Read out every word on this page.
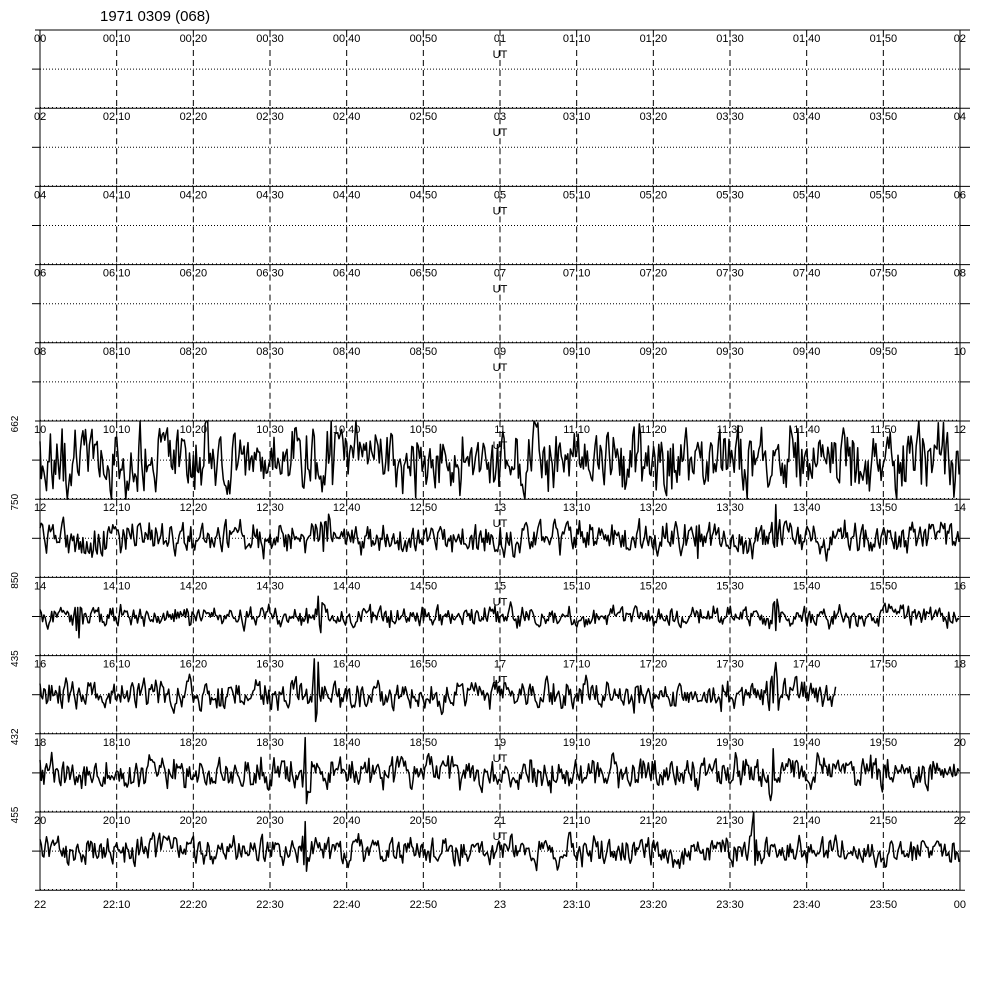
1971 0309 (068)
00	00:10	00:20	00:30	00:40	00:50	01	01:10	01:20	01:30	01:40	01:50	02
UT
02	02:10	02:20	02:30	02:40	02:50	03	03:10	03:20	03:30	03:40	03:50	04
UT
04	04:10	04:20	04:30	04:40	04:50	05	05:10	05:20	05:30	05:40	05:50	06
UT
06	06:10	06:20	06:30	06:40	06:50	07	07:10	07:20	07:30	07:40	07:50	08
UT
08	08:10	08:20	08:30	08:40	08:50	09	09:10	09:20	09:30	09:40	09:50	10
UT
10	10:10	10:20	10:30	10:40	10:50	11	11:10	11:20	11:30	11:40	11:50	12
UT
662
12	12:10	12:20	12:30	12:40	12:50	13	13:10	13:20	13:30	13:40	13:50	14
UT
750
14	14:10	14:20	14:30	14:40	14:50	15	15:10	15:20	15:30	15:40	15:50	16
UT
850
16	16:10	16:20	16:30	16:40	16:50	17	17:10	17:20	17:30	17:40	17:50	18
UT
435
18	18:10	18:20	18:30	18:40	18:50	19	19:10	19:20	19:30	19:40	19:50	20
UT
432
20	20:10	20:20	20:30	20:40	20:50	21	21:10	21:20	21:30	21:40	21:50	22
UT
455
22	22:10	22:20	22:30	22:40	22:50	23	23:10	23:20	23:30	23:40	23:50	00
